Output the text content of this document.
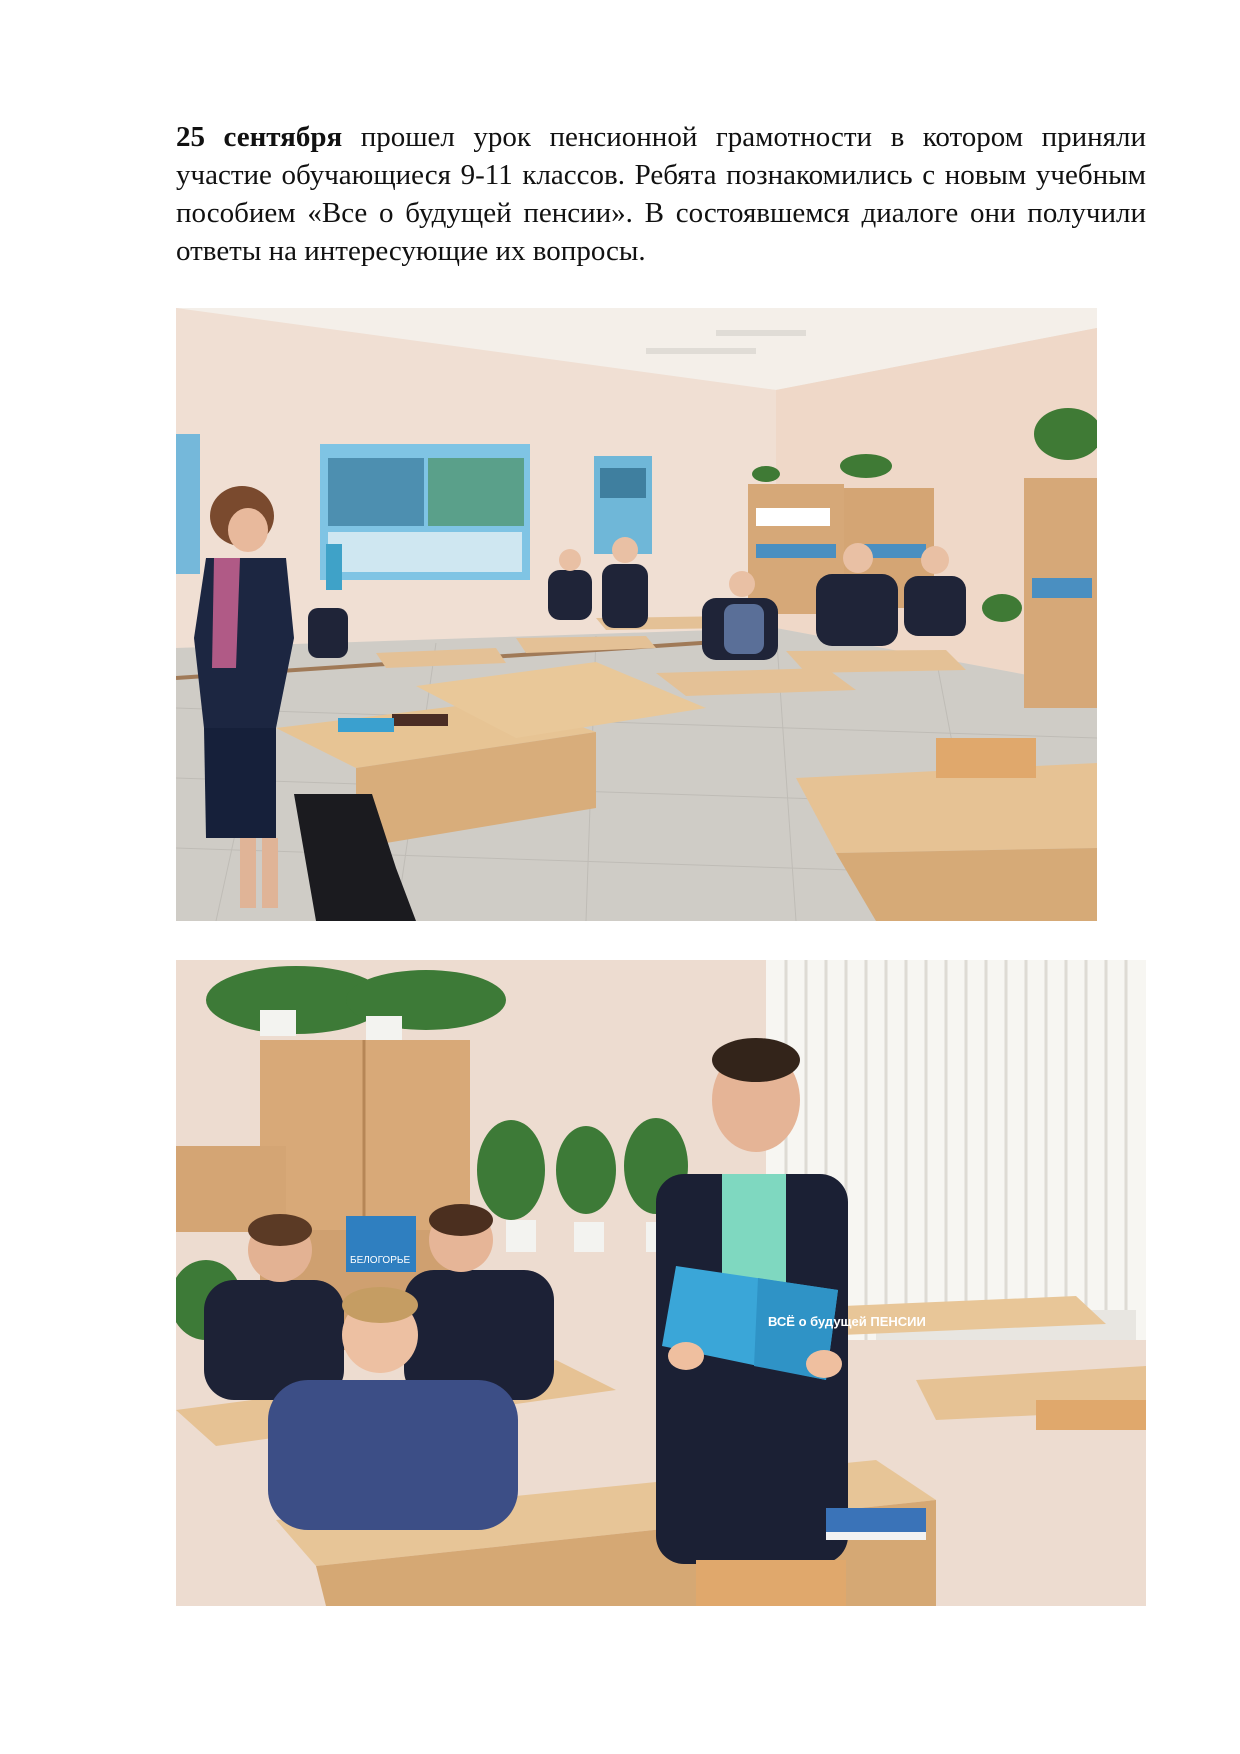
25 сентября прошел урок пенсионной грамотности в котором приняли участие обучающиеся 9-11 классов. Ребята познакомились с новым учебным пособием «Все о будущей пенсии». В состоявшемся диалоге они получили ответы на интересующие их вопросы.
БЕЛОГОРЬЕ
ВСЁ о будущей ПЕНСИИ
